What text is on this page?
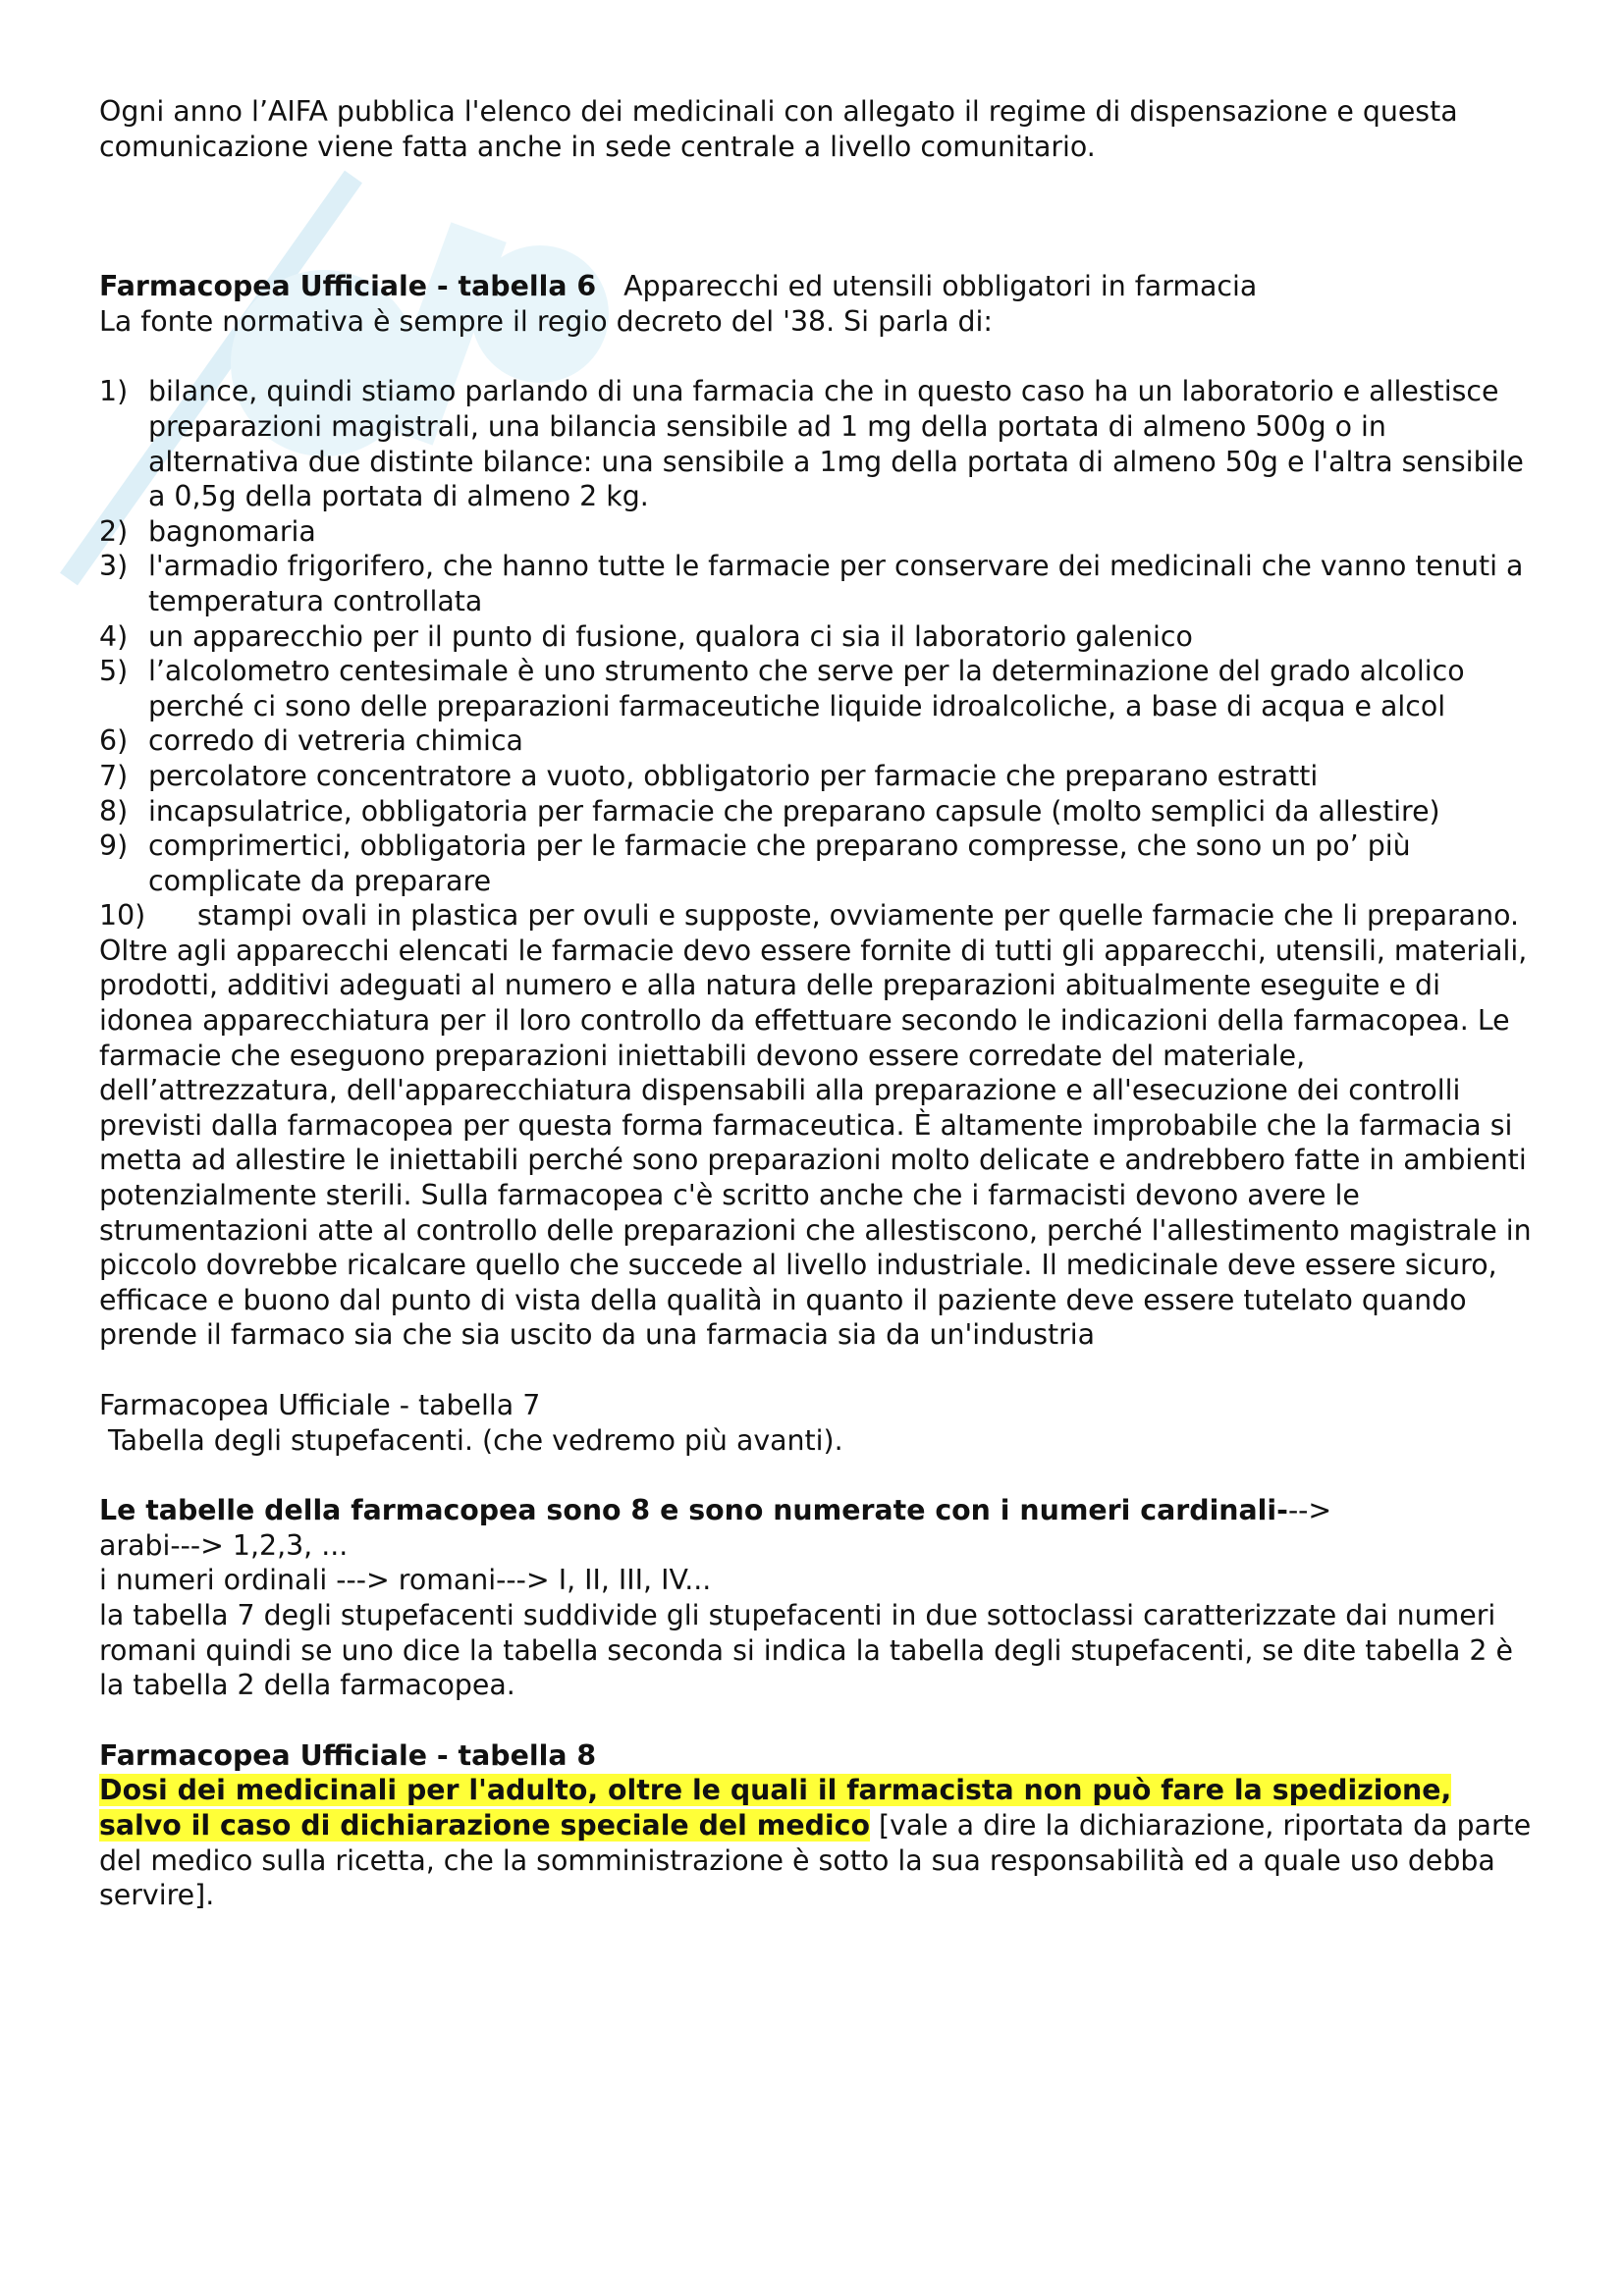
Ogni anno l’AIFA pubblica l'elenco dei medicinali con allegato il regime di dispensazione e questa comunicazione viene fatta anche in sede centrale a livello comunitario.

Farmacopea Ufficiale - tabella 6 Apparecchi ed utensili obbligatori in farmacia

La fonte normativa è sempre il regio decreto del '38. Si parla di:

1) bilance, quindi stiamo parlando di una farmacia che in questo caso ha un laboratorio e allestisce preparazioni magistrali, una bilancia sensibile ad 1 mg della portata di almeno 500g o in alternativa due distinte bilance: una sensibile a 1mg della portata di almeno 50g e l'altra sensibile a 0,5g della portata di almeno 2 kg.
2) bagnomaria
3) l'armadio frigorifero, che hanno tutte le farmacie per conservare dei medicinali che vanno tenuti a temperatura controllata
4) un apparecchio per il punto di fusione, qualora ci sia il laboratorio galenico
5) l’alcolometro centesimale è uno strumento che serve per la determinazione del grado alcolico perché ci sono delle preparazioni farmaceutiche liquide idroalcoliche, a base di acqua e alcol
6) corredo di vetreria chimica
7) percolatore concentratore a vuoto, obbligatorio per farmacie che preparano estratti
8) incapsulatrice, obbligatoria per farmacie che preparano capsule (molto semplici da allestire)
9) comprimertici, obbligatoria per le farmacie che preparano compresse, che sono un po’ più complicate da preparare
10) stampi ovali in plastica per ovuli e supposte, ovviamente per quelle farmacie che li preparano.

Oltre agli apparecchi elencati le farmacie devo essere fornite di tutti gli apparecchi, utensili, materiali, prodotti, additivi adeguati al numero e alla natura delle preparazioni abitualmente eseguite e di idonea apparecchiatura per il loro controllo da effettuare secondo le indicazioni della farmacopea. Le farmacie che eseguono preparazioni iniettabili devono essere corredate del materiale, dell’attrezzatura, dell'apparecchiatura dispensabili alla preparazione e all'esecuzione dei controlli previsti dalla farmacopea per questa forma farmaceutica. È altamente improbabile che la farmacia si metta ad allestire le iniettabili perché sono preparazioni molto delicate e andrebbero fatte in ambienti potenzialmente sterili. Sulla farmacopea c'è scritto anche che i farmacisti devono avere le strumentazioni atte al controllo delle preparazioni che allestiscono, perché l'allestimento magistrale in piccolo dovrebbe ricalcare quello che succede al livello industriale. Il medicinale deve essere sicuro, efficace e buono dal punto di vista della qualità in quanto il paziente deve essere tutelato quando prende il farmaco sia che sia uscito da una farmacia sia da un'industria

Farmacopea Ufficiale - tabella 7

Tabella degli stupefacenti. (che vedremo più avanti).

Le tabelle della farmacopea sono 8 e sono numerate con i numeri cardinali--->

arabi---> 1,2,3, ...

i numeri ordinali ---> romani---> I, II, III, IV...

la tabella 7 degli stupefacenti suddivide gli stupefacenti in due sottoclassi caratterizzate dai numeri romani quindi se uno dice la tabella seconda si indica la tabella degli stupefacenti, se dite tabella 2 è la tabella 2 della farmacopea.

Farmacopea Ufficiale - tabella 8

Dosi dei medicinali per l'adulto, oltre le quali il farmacista non può fare la spedizione, salvo il caso di dichiarazione speciale del medico [vale a dire la dichiarazione, riportata da parte del medico sulla ricetta, che la somministrazione è sotto la sua responsabilità ed a quale uso debba servire].
